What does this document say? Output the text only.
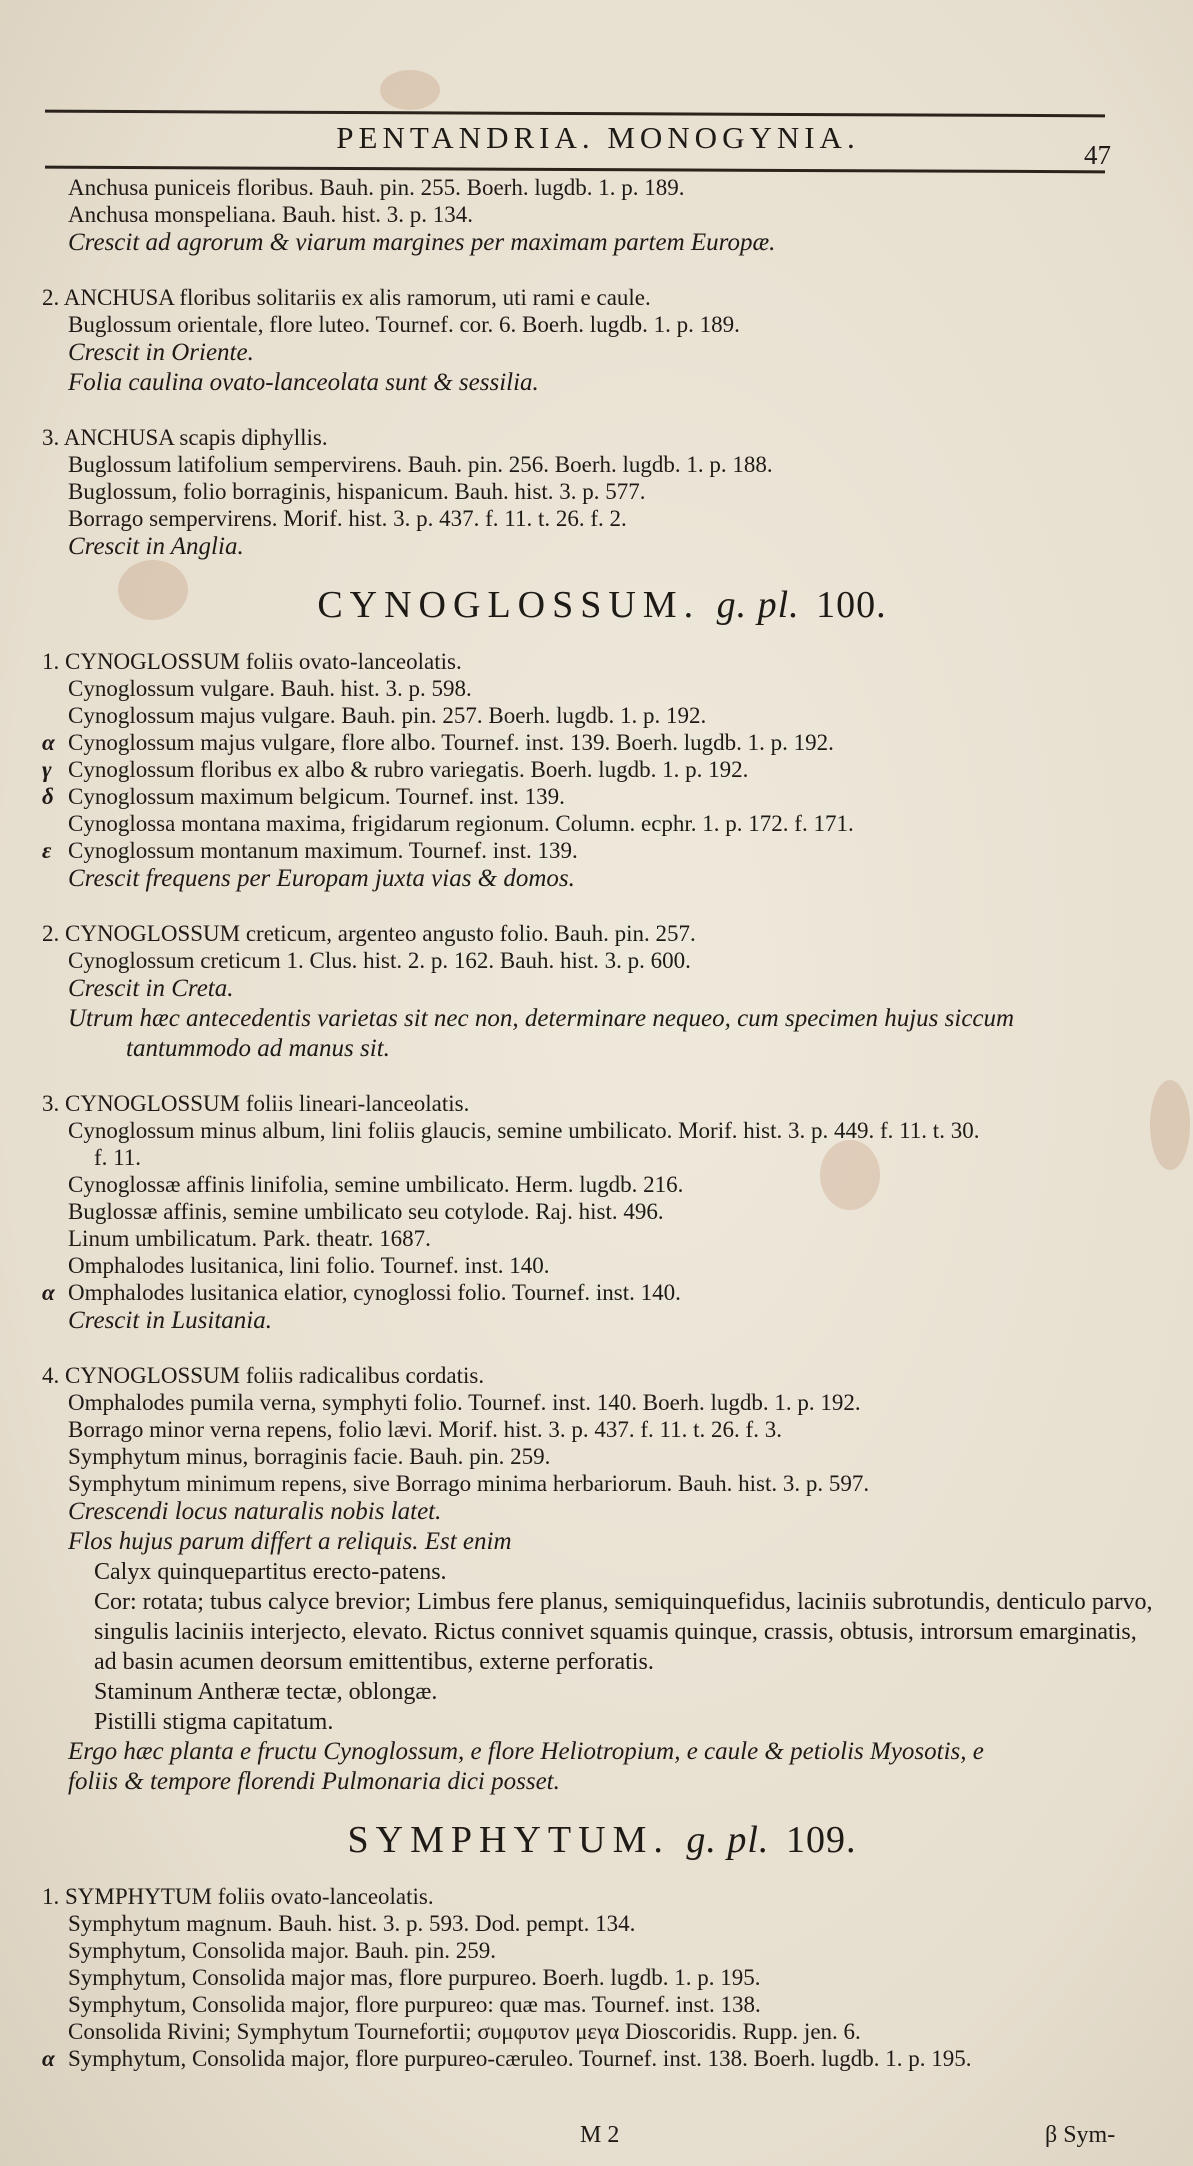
PENTANDRIA. MONOGYNIA.	47

Anchusa puniceis floribus. Bauh. pin. 255. Boerh. lugdb. 1. p. 189.

Anchusa monspeliana. Bauh. hist. 3. p. 134.

Crescit ad agrorum & viarum margines per maximam partem Europæ.

2. ANCHUSA floribus solitariis ex alis ramorum, uti rami e caule.

Buglossum orientale, flore luteo. Tournef. cor. 6. Boerh. lugdb. 1. p. 189.

Crescit in Oriente.

Folia caulina ovato-lanceolata sunt & sessilia.

3. ANCHUSA scapis diphyllis.

Buglossum latifolium sempervirens. Bauh. pin. 256. Boerh. lugdb. 1. p. 188.

Buglossum, folio borraginis, hispanicum. Bauh. hist. 3. p. 577.

Borrago sempervirens. Morif. hist. 3. p. 437. f. 11. t. 26. f. 2.

Crescit in Anglia.

CYNOGLOSSUM. g. pl. 100.

1. CYNOGLOSSUM foliis ovato-lanceolatis.

Cynoglossum vulgare. Bauh. hist. 3. p. 598.

Cynoglossum majus vulgare. Bauh. pin. 257. Boerh. lugdb. 1. p. 192.

α Cynoglossum majus vulgare, flore albo. Tournef. inst. 139. Boerh. lugdb. 1. p. 192.

γ Cynoglossum floribus ex albo & rubro variegatis. Boerh. lugdb. 1. p. 192.

δ Cynoglossum maximum belgicum. Tournef. inst. 139.

Cynoglossa montana maxima, frigidarum regionum. Column. ecphr. 1. p. 172. f. 171.

ε Cynoglossum montanum maximum. Tournef. inst. 139.

Crescit frequens per Europam juxta vias & domos.

2. CYNOGLOSSUM creticum, argenteo angusto folio. Bauh. pin. 257.

Cynoglossum creticum 1. Clus. hist. 2. p. 162. Bauh. hist. 3. p. 600.

Crescit in Creta.

Utrum hæc antecedentis varietas sit nec non, determinare nequeo, cum specimen hujus siccum

tantummodo ad manus sit.

3. CYNOGLOSSUM foliis lineari-lanceolatis.

Cynoglossum minus album, lini foliis glaucis, semine umbilicato. Morif. hist. 3. p. 449. f. 11. t. 30.

f. 11.

Cynoglossæ affinis linifolia, semine umbilicato. Herm. lugdb. 216.

Buglossæ affinis, semine umbilicato seu cotylode. Raj. hist. 496.

Linum umbilicatum. Park. theatr. 1687.

Omphalodes lusitanica, lini folio. Tournef. inst. 140.

α Omphalodes lusitanica elatior, cynoglossi folio. Tournef. inst. 140.

Crescit in Lusitania.

4. CYNOGLOSSUM foliis radicalibus cordatis.

Omphalodes pumila verna, symphyti folio. Tournef. inst. 140. Boerh. lugdb. 1. p. 192.

Borrago minor verna repens, folio lævi. Morif. hist. 3. p. 437. f. 11. t. 26. f. 3.

Symphytum minus, borraginis facie. Bauh. pin. 259.

Symphytum minimum repens, sive Borrago minima herbariorum. Bauh. hist. 3. p. 597.

Crescendi locus naturalis nobis latet.

Flos hujus parum differt a reliquis. Est enim

Calyx quinquepartitus erecto-patens.

Cor: rotata; tubus calyce brevior; Limbus fere planus, semiquinquefidus, laciniis subrotundis, denticulo parvo, singulis laciniis interjecto, elevato. Rictus connivet squamis quinque, crassis, obtusis, introrsum emarginatis, ad basin acumen deorsum emittentibus, externe perforatis.

Staminum Antheræ tectæ, oblongæ.

Pistilli stigma capitatum.

Ergo hæc planta e fructu Cynoglossum, e flore Heliotropium, e caule & petiolis Myosotis, e

foliis & tempore florendi Pulmonaria dici posset.

SYMPHYTUM. g. pl. 109.

1. SYMPHYTUM foliis ovato-lanceolatis.

Symphytum magnum. Bauh. hist. 3. p. 593. Dod. pempt. 134.

Symphytum, Consolida major. Bauh. pin. 259.

Symphytum, Consolida major mas, flore purpureo. Boerh. lugdb. 1. p. 195.

Symphytum, Consolida major, flore purpureo: quæ mas. Tournef. inst. 138.

Consolida Rivini; Symphytum Tournefortii; συμφυτον μεγα Dioscoridis. Rupp. jen. 6.

α Symphytum, Consolida major, flore purpureo-cæruleo. Tournef. inst. 138. Boerh. lugdb. 1. p. 195.

M 2	β Sym-
